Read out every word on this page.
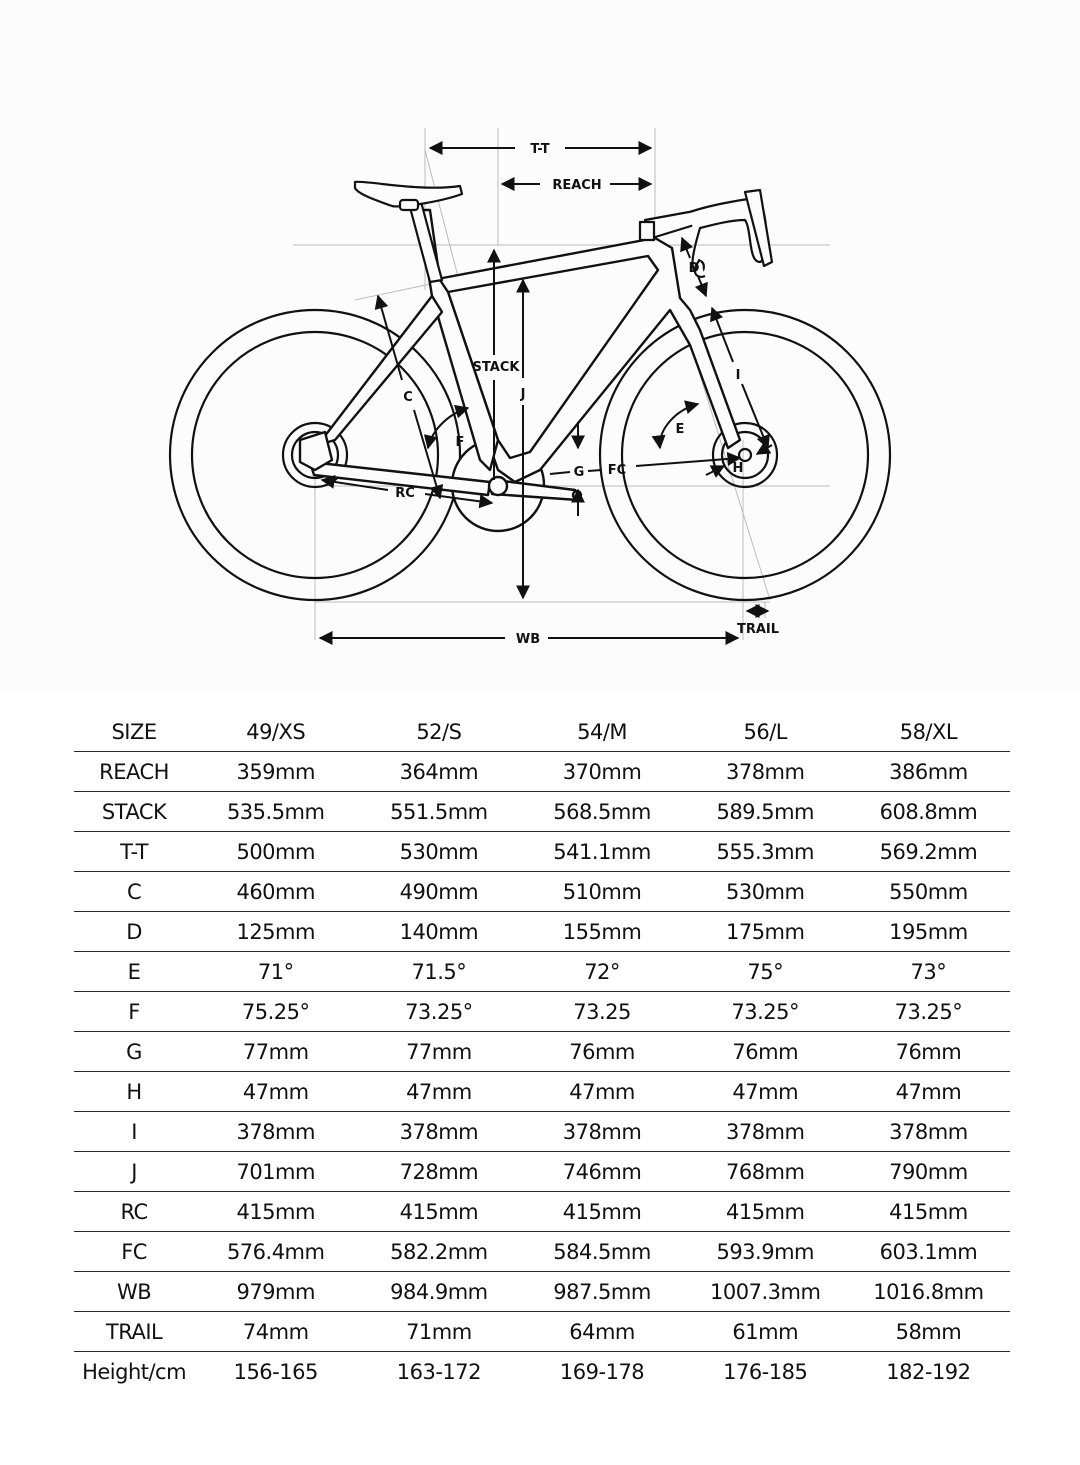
T-T
REACH
STACK
J
C
F
RC
D
I
E
G FC	H
WB
TRAIL
SIZE	49/XS	52/S	54/M	56/L	58/XL
REACH	359mm	364mm	370mm	378mm	386mm
STACK	535.5mm	551.5mm	568.5mm	589.5mm	608.8mm
T-T	500mm	530mm	541.1mm	555.3mm	569.2mm
C	460mm	490mm	510mm	530mm	550mm
D	125mm	140mm	155mm	175mm	195mm
E	71°	71.5°	72°	75°	73°
F	75.25°	73.25°	73.25	73.25°	73.25°
G	77mm	77mm	76mm	76mm	76mm
H	47mm	47mm	47mm	47mm	47mm
I	378mm	378mm	378mm	378mm	378mm
J	701mm	728mm	746mm	768mm	790mm
RC	415mm	415mm	415mm	415mm	415mm
FC	576.4mm	582.2mm	584.5mm	593.9mm	603.1mm
WB	979mm	984.9mm	987.5mm	1007.3mm	1016.8mm
TRAIL	74mm	71mm	64mm	61mm	58mm
Height/cm	156-165	163-172	169-178	176-185	182-192
